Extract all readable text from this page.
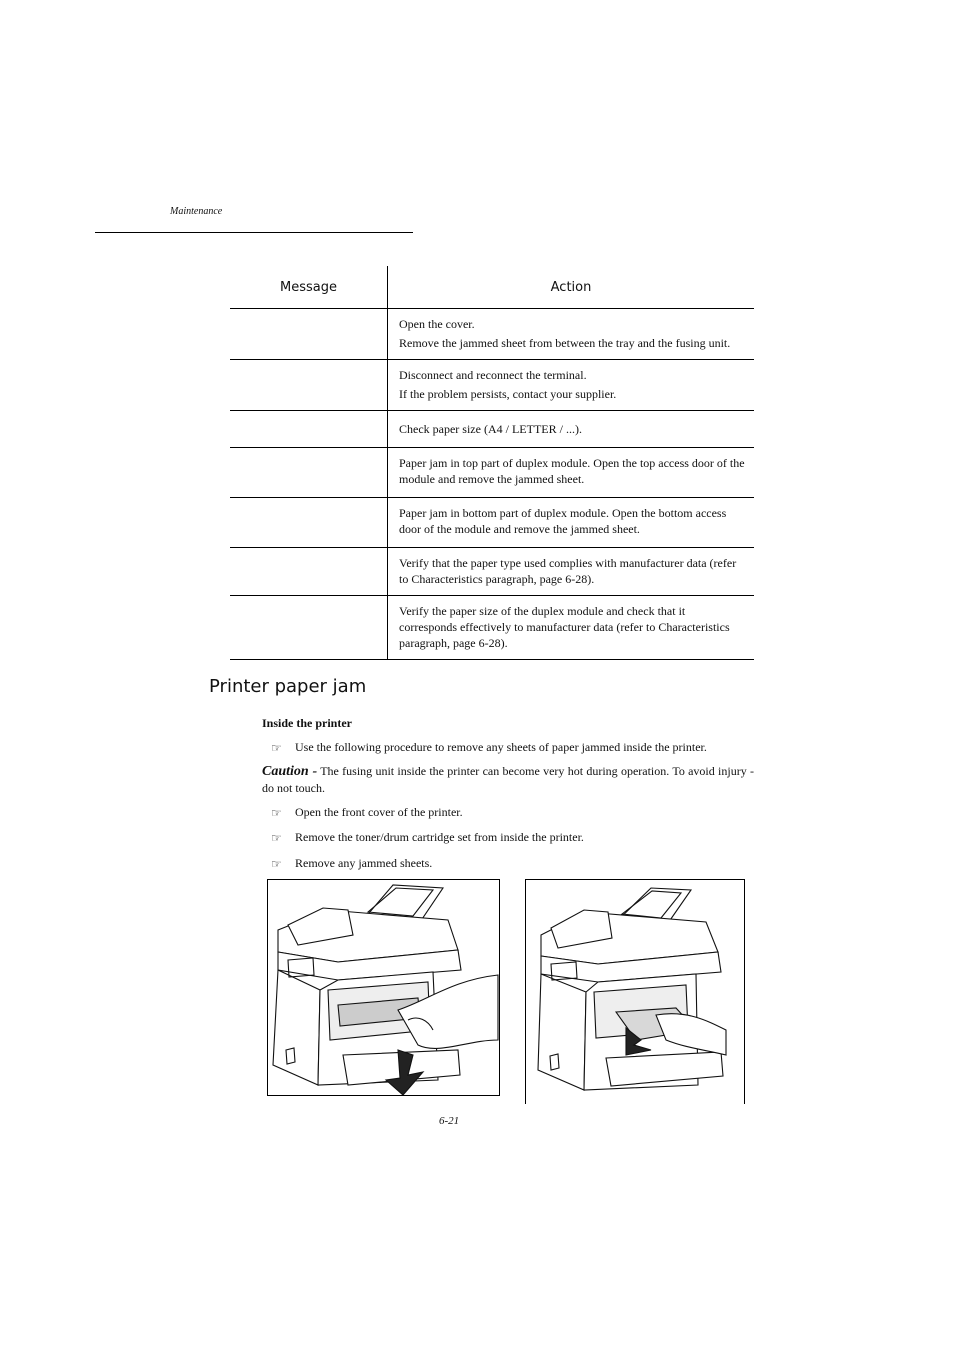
Maintenance
Message	Action

	Open the cover.

Remove the jammed sheet from between the tray and the fusing unit.

	Disconnect and reconnect the terminal.

If the problem persists, contact your supplier.

	Check paper size (A4 / LETTER / ...).

	Paper jam in top part of duplex module. Open the top access door of the module and remove the jammed sheet.

	Paper jam in bottom part of duplex module. Open the bottom access door of the module and remove the jammed sheet.

	Verify that the paper type used complies with manufacturer data (refer to Characteristics paragraph, page 6-28).

	Verify the paper size of the duplex module and check that it corresponds effectively to manufacturer data (refer to Characteristics paragraph, page 6-28).

Printer paper jam
Inside the printer
☞	Use the following procedure to remove any sheets of paper jammed inside the printer.
Caution - The fusing unit inside the printer can become very hot during operation. To avoid injury - do not touch.
☞	Open the front cover of the printer.
☞	Remove the toner/drum cartridge set from inside the printer.
☞	Remove any jammed sheets.
6-21
